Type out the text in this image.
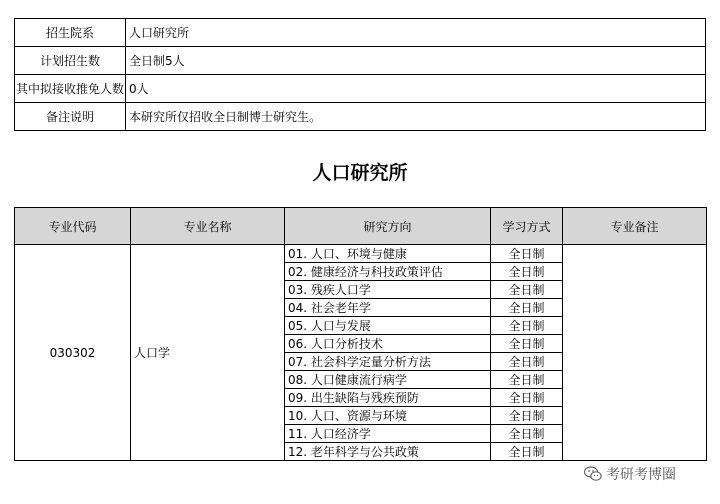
招生院系	人口研究所
计划招生数	全日制5人
其中拟接收推免人数	0人
备注说明	本研究所仅招收全日制博士研究生。
人口研究所
专业代码	专业名称	研究方向	学习方式	专业备注
030302	人口学	01. 人口、环境与健康	全日制	
		02. 健康经济与科技政策评估	全日制	
		03. 残疾人口学	全日制	
		04. 社会老年学	全日制	
		05. 人口与发展	全日制	
		06. 人口分析技术	全日制	
		07. 社会科学定量分析方法	全日制	
		08. 人口健康流行病学	全日制	
		09. 出生缺陷与残疾预防	全日制	
		10. 人口、资源与环境	全日制	
		11. 人口经济学	全日制	
		12. 老年科学与公共政策	全日制	
考研考博圈
